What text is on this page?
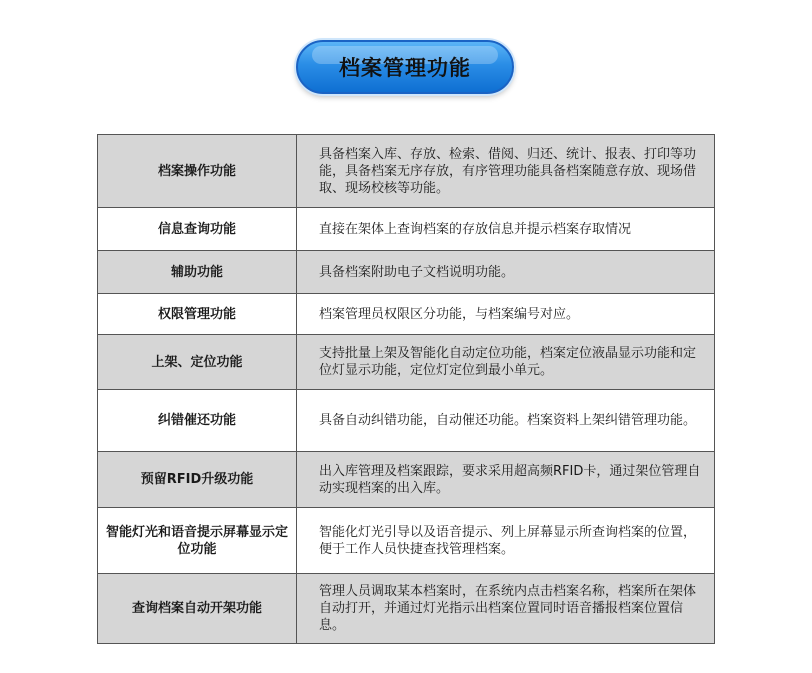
档案管理功能
档案操作功能	具备档案入库、存放、检索、借阅、归还、统计、报表、打印等功能，具备档案无序存放，有序管理功能具备档案随意存放、现场借取、现场校核等功能。
信息查询功能	直接在架体上查询档案的存放信息并提示档案存取情况
辅助功能	具备档案附助电子文档说明功能。
权限管理功能	档案管理员权限区分功能，与档案编号对应。
上架、定位功能	支持批量上架及智能化自动定位功能，档案定位液晶显示功能和定位灯显示功能，定位灯定位到最小单元。
纠错催还功能	具备自动纠错功能，自动催还功能。档案资料上架纠错管理功能。
预留RFID升级功能	出入库管理及档案跟踪，要求采用超高频RFID卡，通过架位管理自动实现档案的出入库。
智能灯光和语音提示屏幕显示定位功能	智能化灯光引导以及语音提示、列上屏幕显示所查询档案的位置，便于工作人员快捷查找管理档案。
查询档案自动开架功能	管理人员调取某本档案时，在系统内点击档案名称，档案所在架体自动打开，并通过灯光指示出档案位置同时语音播报档案位置信息。
